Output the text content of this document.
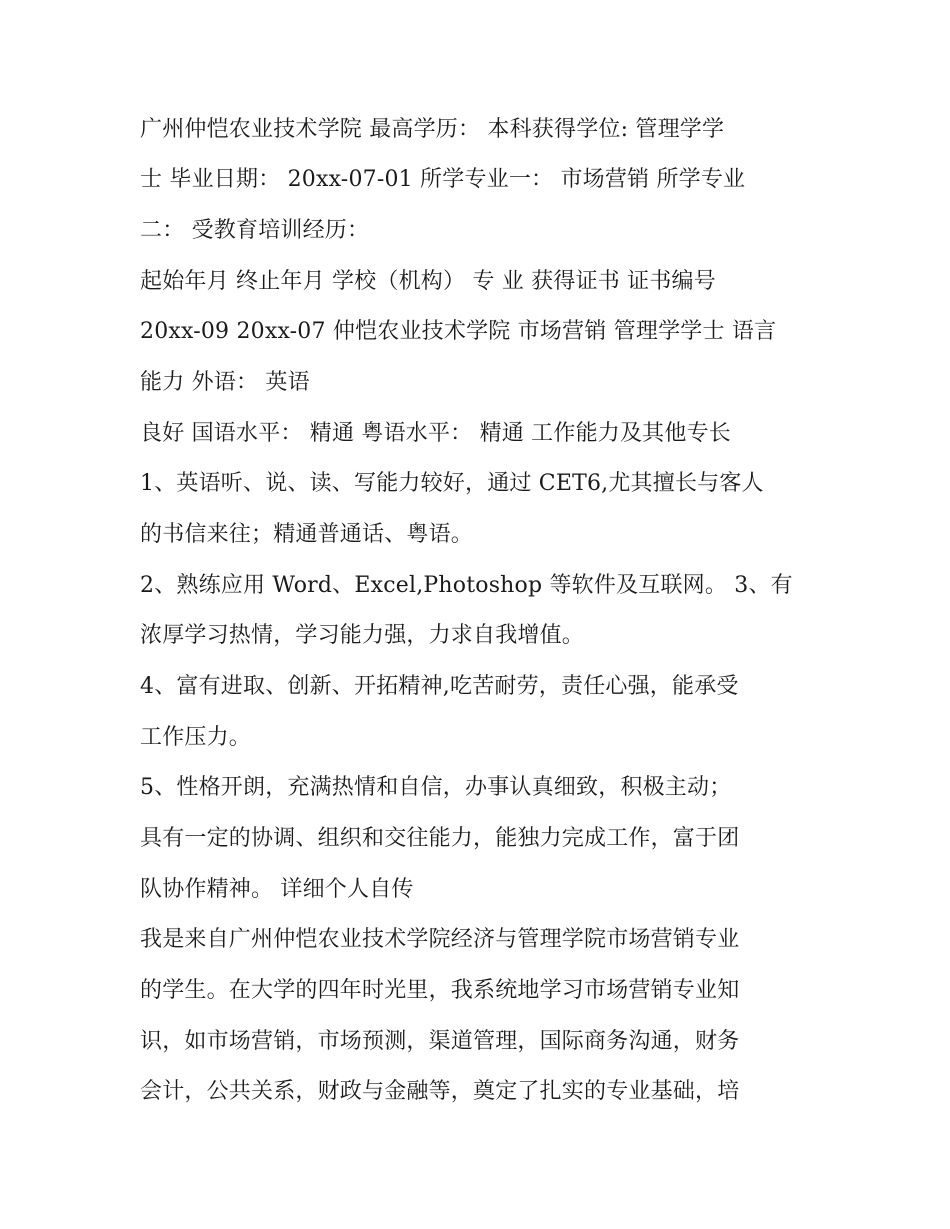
广州仲恺农业技术学院 最高学历： 本科获得学位: 管理学学
士 毕业日期： 20xx-07-01 所学专业一： 市场营销 所学专业
二： 受教育培训经历：
起始年月 终止年月 学校（机构） 专 业 获得证书 证书编号
20xx-09 20xx-07 仲恺农业技术学院 市场营销 管理学学士 语言
能力 外语： 英语
良好 国语水平： 精通 粤语水平： 精通 工作能力及其他专长
1、英语听、说、读、写能力较好，通过 CET6,尤其擅长与客人
的书信来往；精通普通话、粤语。
2、熟练应用 Word、Excel,Photoshop 等软件及互联网。 3、有
浓厚学习热情，学习能力强，力求自我增值。
4、富有进取、创新、开拓精神,吃苦耐劳，责任心强，能承受
工作压力。
5、性格开朗，充满热情和自信，办事认真细致，积极主动；
具有一定的协调、组织和交往能力，能独力完成工作，富于团
队协作精神。 详细个人自传
我是来自广州仲恺农业技术学院经济与管理学院市场营销专业
的学生。在大学的四年时光里，我系统地学习市场营销专业知
识，如市场营销，市场预测，渠道管理，国际商务沟通，财务
会计，公共关系，财政与金融等，奠定了扎实的专业基础，培
